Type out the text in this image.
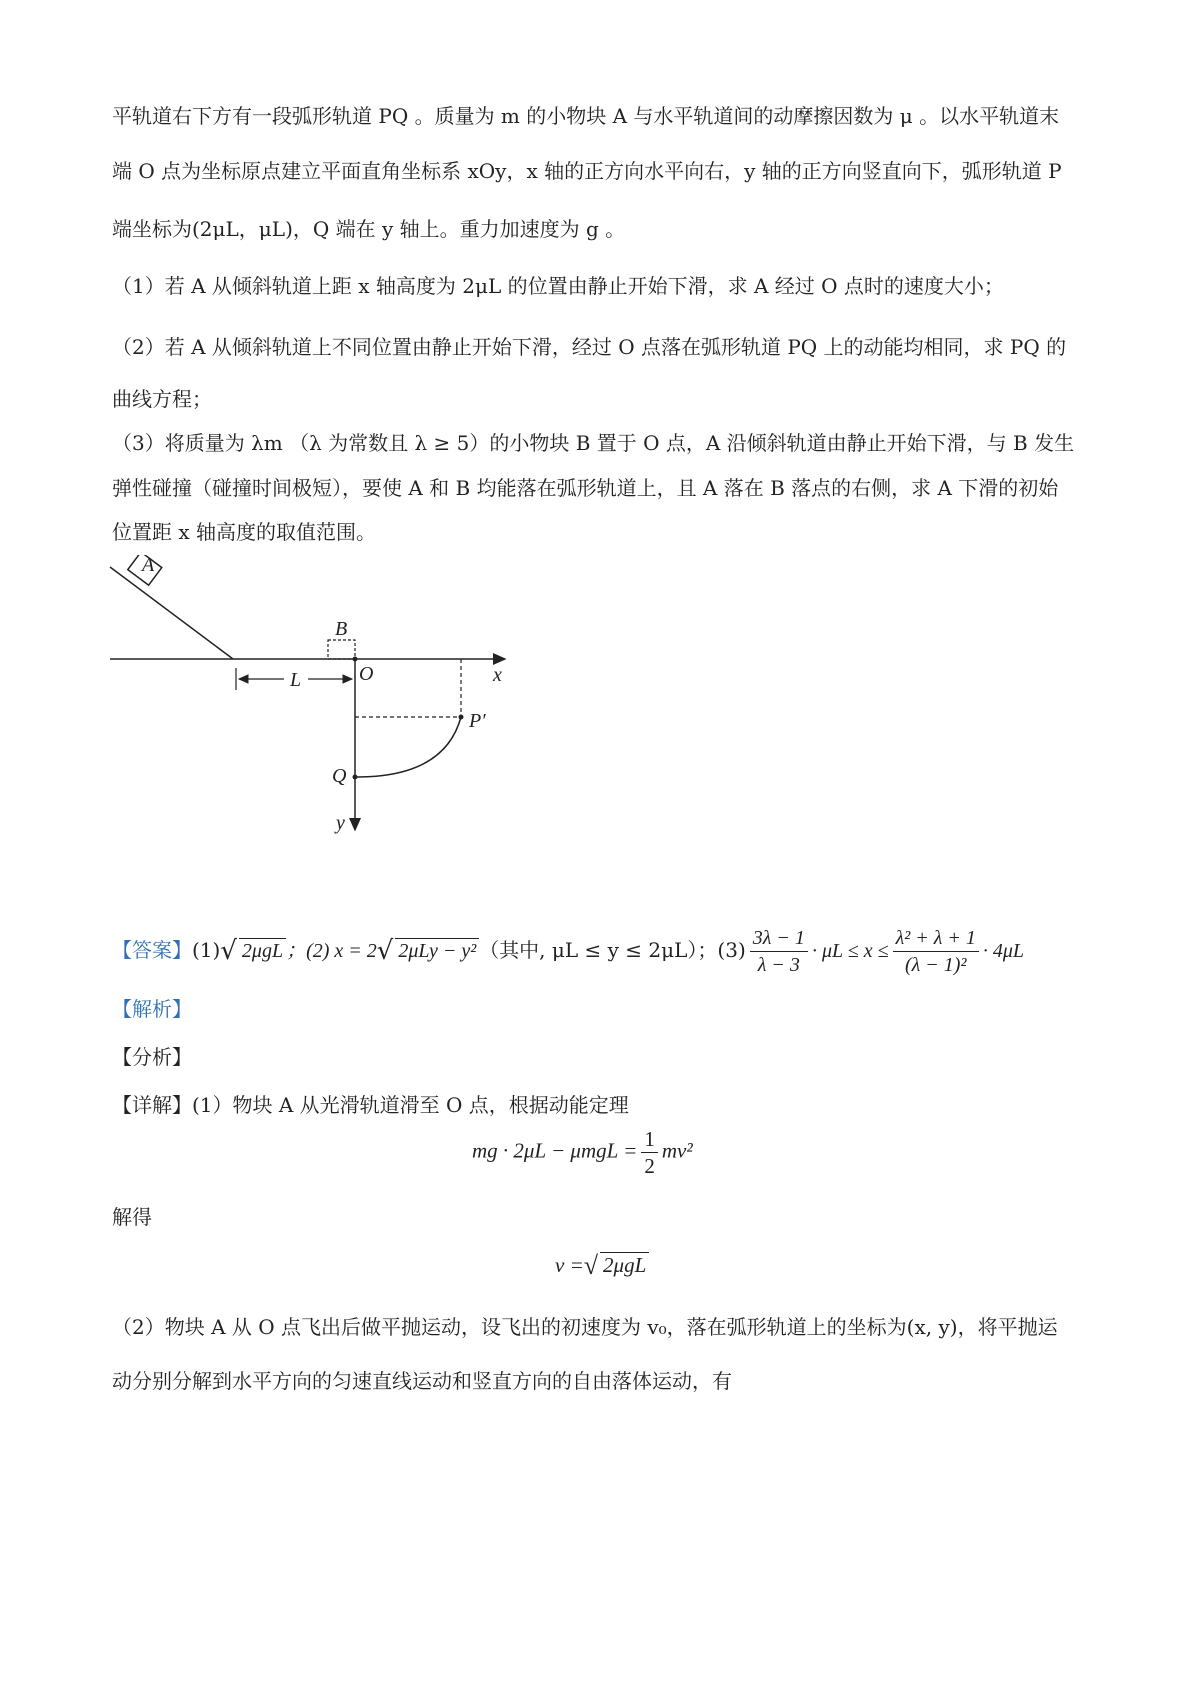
平轨道右下方有一段弧形轨道 PQ 。质量为 m 的小物块 A 与水平轨道间的动摩擦因数为 μ 。以水平轨道末
端 O 点为坐标原点建立平面直角坐标系 xOy，x 轴的正方向水平向右，y 轴的正方向竖直向下，弧形轨道 P
端坐标为(2μL，μL)，Q 端在 y 轴上。重力加速度为 g 。
（1）若 A 从倾斜轨道上距 x 轴高度为 2μL 的位置由静止开始下滑，求 A 经过 O 点时的速度大小；
（2）若 A 从倾斜轨道上不同位置由静止开始下滑，经过 O 点落在弧形轨道 PQ 上的动能均相同，求 PQ 的
曲线方程；
（3）将质量为 λm （λ 为常数且 λ ≥ 5）的小物块 B 置于 O 点，A 沿倾斜轨道由静止开始下滑，与 B 发生
弹性碰撞（碰撞时间极短），要使 A 和 B 均能落在弧形轨道上，且 A 落在 B 落点的右侧，求 A 下滑的初始
位置距 x 轴高度的取值范围。
A
B
O	x
L
y
P′
Q
【答案】(1)√ 2μgL ；(2) x = 2√ 2μLy − y² （其中, μL ≤ y ≤ 2μL）；$(3) \frac{3\lambda - 1}{\lambda - 3} \cdot \mu L \le x \le \frac{\text{λ² + λ + 1}}{\text{(λ − 1)²}} \cdot 4\mu L$
【解析】
【分析】
【详解】(1）物块 A 从光滑轨道滑至 O 点，根据动能定理
mg · $2\mu L - \mu mgL = \frac{1}{2} mv^2$
解得
v =√ 2μgL
（2）物块 A 从 O 点飞出后做平抛运动，设飞出的初速度为 v₀，落在弧形轨道上的坐标为(x, y)，将平抛运
动分别分解到水平方向的匀速直线运动和竖直方向的自由落体运动，有
